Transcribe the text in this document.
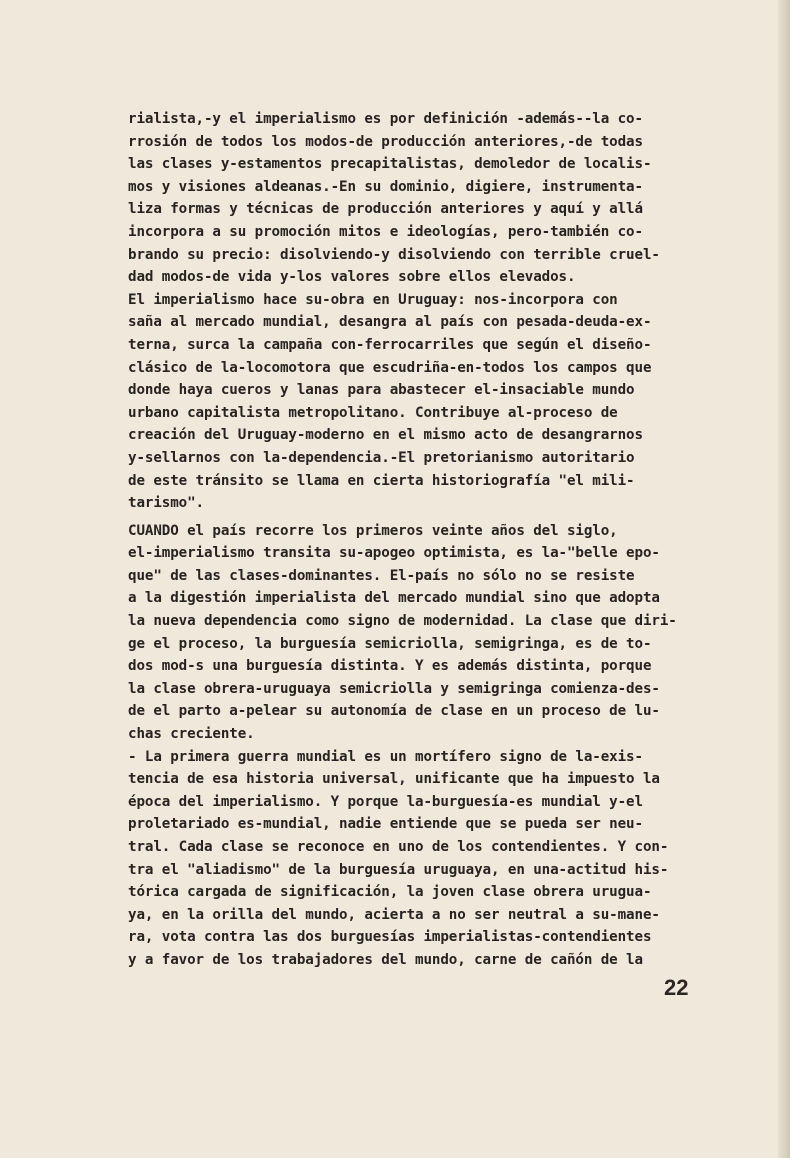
rialista,-y el imperialismo es por definición -además--la co-
rrosión de todos los modos-de producción anteriores,-de todas
las clases y-estamentos precapitalistas, demoledor de localis-
mos y visiones aldeanas.-En su dominio, digiere, instrumenta-
liza formas y técnicas de producción anteriores y aquí y allá
incorpora a su promoción mitos e ideologías, pero-también co-
brando su precio: disolviendo-y disolviendo con terrible cruel-
dad modos-de vida y-los valores sobre ellos elevados.
El imperialismo hace su-obra en Uruguay: nos-incorpora con
saña al mercado mundial, desangra al país con pesada-deuda-ex-
terna, surca la campaña con-ferrocarriles que según el diseño-
clásico de la-locomotora que escudriña-en-todos los campos que
donde haya cueros y lanas para abastecer el-insaciable mundo
urbano capitalista metropolitano. Contribuye al-proceso de
creación del Uruguay-moderno en el mismo acto de desangrarnos
y-sellarnos con la-dependencia.-El pretorianismo autoritario
de este tránsito se llama en cierta historiografía "el mili-
tarismo".
CUANDO el país recorre los primeros veinte años del siglo,
el-imperialismo transita su-apogeo optimista, es la-"belle epo-
que" de las clases-dominantes. El-país no sólo no se resiste
a la digestión imperialista del mercado mundial sino que adopta
la nueva dependencia como signo de modernidad. La clase que diri-
ge el proceso, la burguesía semicriolla, semigringa, es de to-
dos mod-s una burguesía distinta. Y es además distinta, porque
la clase obrera-uruguaya semicriolla y semigringa comienza-des-
de el parto a-pelear su autonomía de clase en un proceso de lu-
chas creciente.
- La primera guerra mundial es un mortífero signo de la-exis-
tencia de esa historia universal, unificante que ha impuesto la
época del imperialismo. Y porque la-burguesía-es mundial y-el
proletariado es-mundial, nadie entiende que se pueda ser neu-
tral. Cada clase se reconoce en uno de los contendientes. Y con-
tra el "aliadismo" de la burguesía uruguaya, en una-actitud his-
tórica cargada de significación, la joven clase obrera urugua-
ya, en la orilla del mundo, acierta a no ser neutral a su-mane-
ra, vota contra las dos burguesías imperialistas-contendientes
y a favor de los trabajadores del mundo, carne de cañón de la
22
